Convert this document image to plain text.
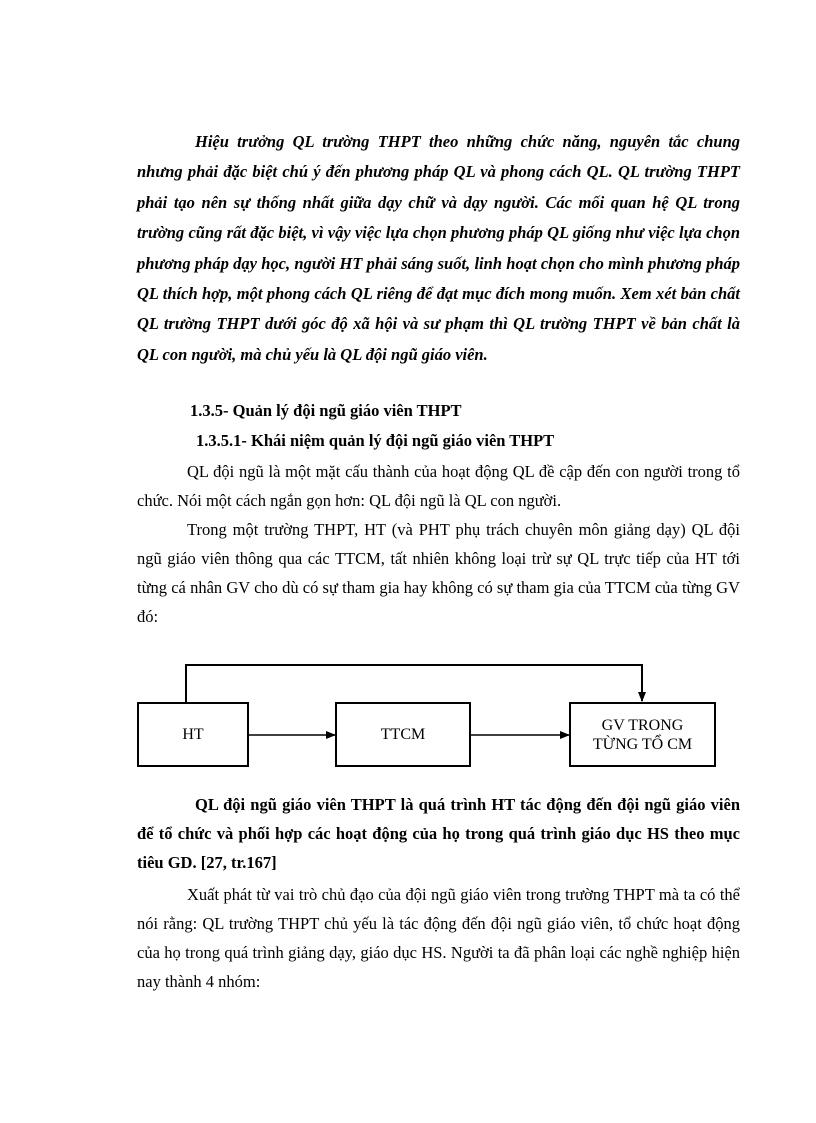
Hiệu trưởng QL trường THPT theo những chức năng, nguyên tắc chung nhưng phải đặc biệt chú ý đến phương pháp QL và phong cách QL. QL trường THPT phải tạo nên sự thống nhất giữa dạy chữ và dạy người. Các mối quan hệ QL trong trường cũng rất đặc biệt, vì vậy việc lựa chọn phương pháp QL giống như việc lựa chọn phương pháp dạy học, người HT phải sáng suốt, linh hoạt chọn cho mình phương pháp QL thích hợp, một phong cách QL riêng để đạt mục đích mong muốn. Xem xét bản chất QL trường THPT dưới góc độ xã hội và sư phạm thì QL trường THPT về bản chất là QL con người, mà chủ yếu là QL đội ngũ giáo viên.

1.3.5- Quản lý đội ngũ giáo viên THPT

1.3.5.1- Khái niệm quản lý đội ngũ giáo viên THPT

QL đội ngũ là một mặt cấu thành của hoạt động QL đề cập đến con người trong tổ chức. Nói một cách ngắn gọn hơn: QL đội ngũ là QL con người.

Trong một trường THPT, HT (và PHT phụ trách chuyên môn giảng dạy) QL đội ngũ giáo viên thông qua các TTCM, tất nhiên không loại trừ sự QL trực tiếp của HT tới từng cá nhân GV cho dù có sự tham gia hay không có sự tham gia của TTCM của từng GV đó:

HT	TTCM
GV TRONG
TỪNG TỔ CM

QL đội ngũ giáo viên THPT là quá trình HT tác động đến đội ngũ giáo viên để tổ chức và phối hợp các hoạt động của họ trong quá trình giáo dục HS theo mục tiêu GD. [27, tr.167]

Xuất phát từ vai trò chủ đạo của đội ngũ giáo viên trong trường THPT mà ta có thể nói rằng: QL trường THPT chủ yếu là tác động đến đội ngũ giáo viên, tổ chức hoạt động của họ trong quá trình giảng dạy, giáo dục HS. Người ta đã phân loại các nghề nghiệp hiện nay thành 4 nhóm:
